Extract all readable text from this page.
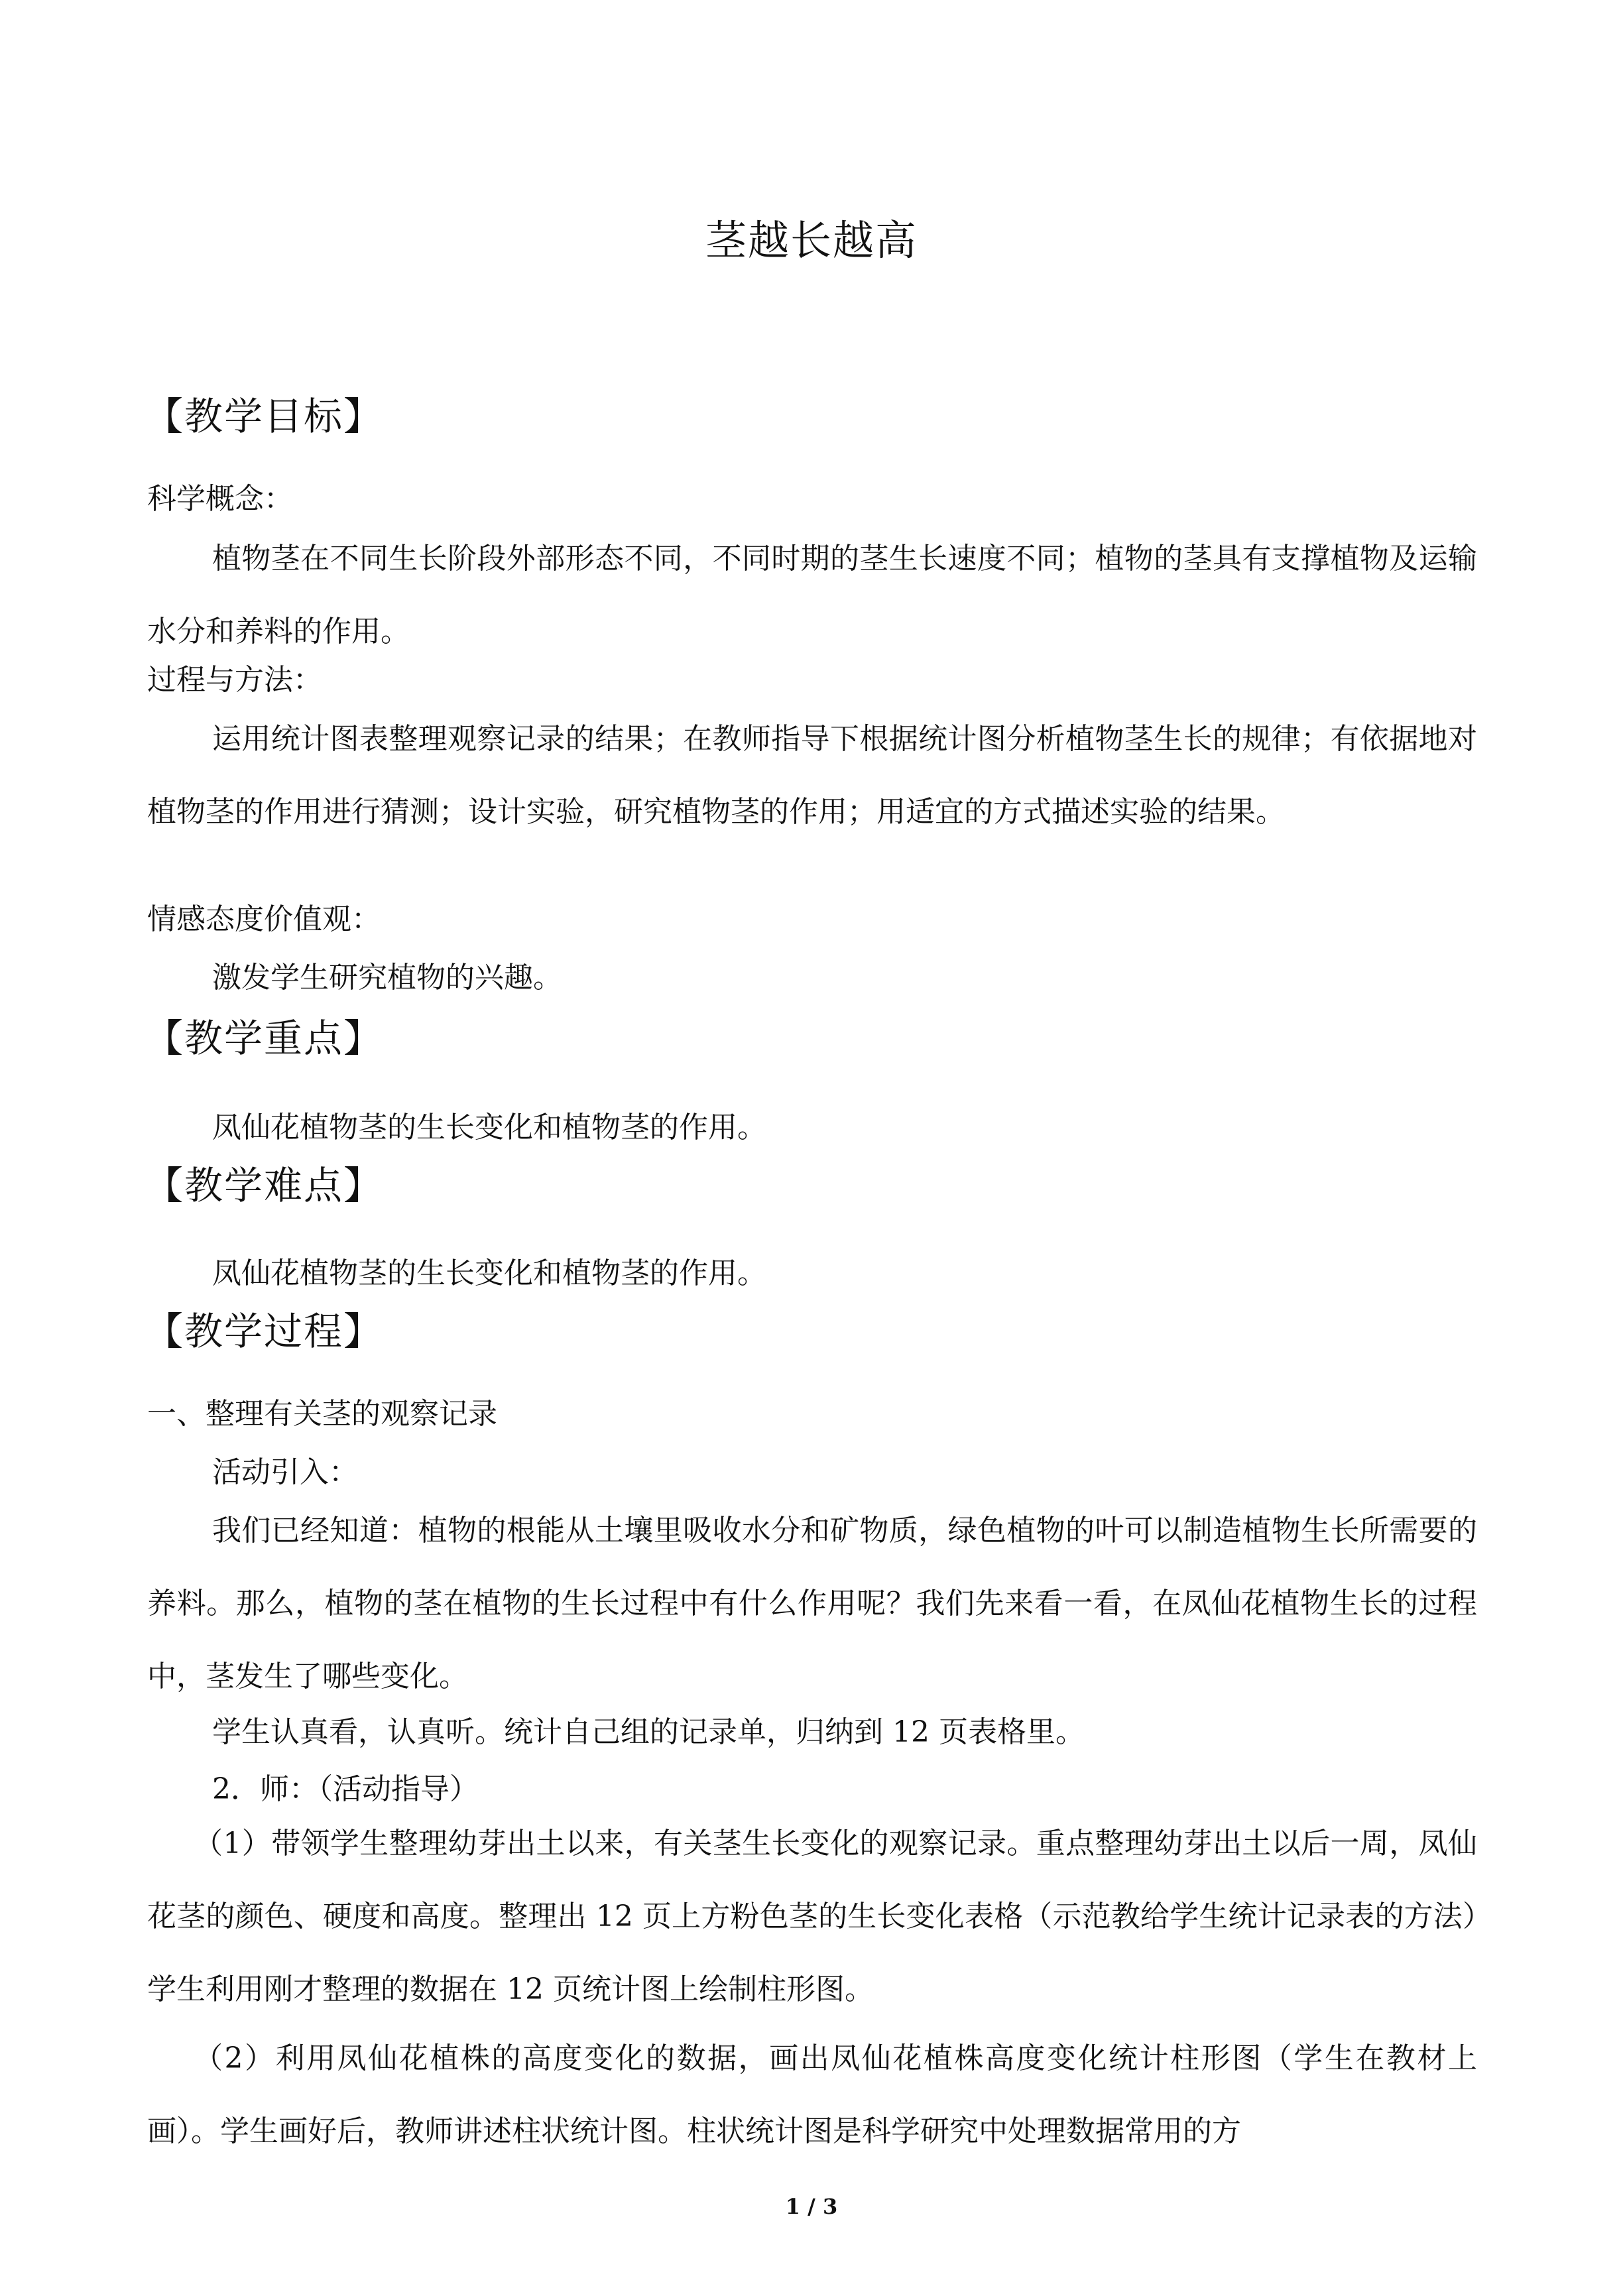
茎越长越高
【教学目标】
科学概念：

植物茎在不同生长阶段外部形态不同，不同时期的茎生长速度不同；植物的茎具有支撑植物及运输水分和养料的作用。

过程与方法：

运用统计图表整理观察记录的结果；在教师指导下根据统计图分析植物茎生长的规律；有依据地对植物茎的作用进行猜测；设计实验，研究植物茎的作用；用适宜的方式描述实验的结果。

情感态度价值观：
激发学生研究植物的兴趣。
【教学重点】
凤仙花植物茎的生长变化和植物茎的作用。
【教学难点】
凤仙花植物茎的生长变化和植物茎的作用。
【教学过程】
一、整理有关茎的观察记录
活动引入：

我们已经知道：植物的根能从土壤里吸收水分和矿物质，绿色植物的叶可以制造植物生长所需要的养料。那么，植物的茎在植物的生长过程中有什么作用呢？我们先来看一看，在凤仙花植物生长的过程中，茎发生了哪些变化。

学生认真看，认真听。统计自己组的记录单，归纳到 12 页表格里。
2．师：（活动指导）

（1）带领学生整理幼芽出土以来，有关茎生长变化的观察记录。重点整理幼芽出土以后一周，凤仙花茎的颜色、硬度和高度。整理出 12 页上方粉色茎的生长变化表格（示范教给学生统计记录表的方法）学生利用刚才整理的数据在 12 页统计图上绘制柱形图。

（2）利用凤仙花植株的高度变化的数据，画出凤仙花植株高度变化统计柱形图（学生在教材上画）。学生画好后，教师讲述柱状统计图。柱状统计图是科学研究中处理数据常用的方

1 / 3
